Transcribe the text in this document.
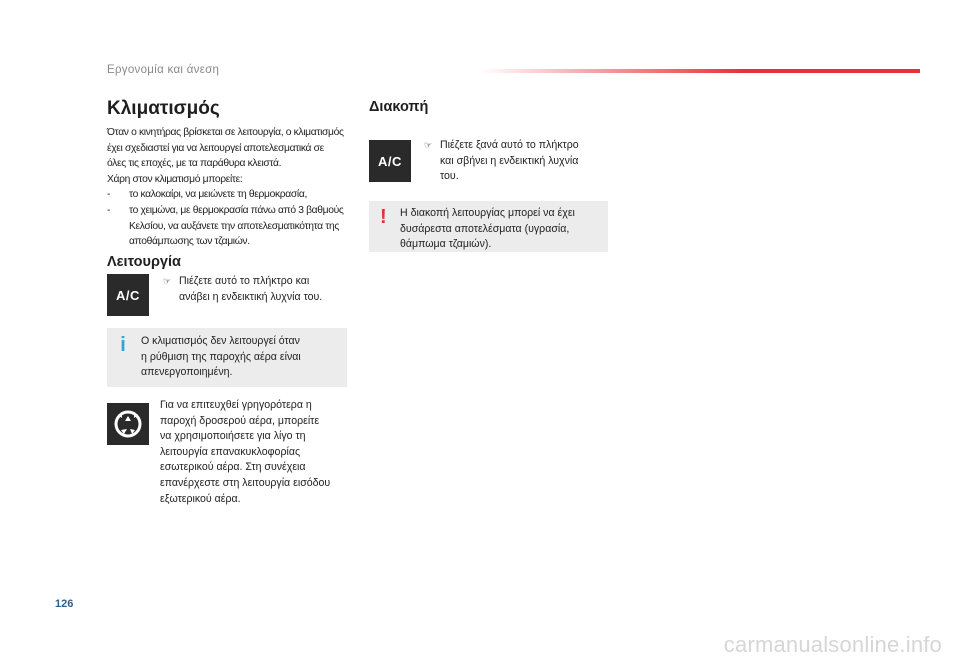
Εργονομία και άνεση
Κλιματισμός

Όταν ο κινητήρας βρίσκεται σε λειτουργία, ο κλιματισμός

έχει σχεδιαστεί για να λειτουργεί αποτελεσματικά σε

όλες τις εποχές, με τα παράθυρα κλειστά.

Χάρη στον κλιματισμό μπορείτε:

-	το καλοκαίρι, να μειώνετε τη θερμοκρασία,

-	το χειμώνα, με θερμοκρασία πάνω από 3 βαθμούς

Κελσίου, να αυξάνετε την αποτελεσματικότητα της

αποθάμπωσης των τζαμιών.

Λειτουργία
A/C
☞ Πιέζετε αυτό το πλήκτρο και
ανάβει η ενδεικτική λυχνία του.
i	Ο κλιματισμός δεν λειτουργεί όταν
η ρύθμιση της παροχής αέρα είναι
απενεργοποιημένη.
Για να επιτευχθεί γρηγορότερα η
παροχή δροσερού αέρα, μπορείτε
να χρησιμοποιήσετε για λίγο τη
λειτουργία επανακυκλοφορίας
εσωτερικού αέρα. Στη συνέχεια
επανέρχεστε στη λειτουργία εισόδου
εξωτερικού αέρα.
Διακοπή
A/C
☞ Πιέζετε ξανά αυτό το πλήκτρο
και σβήνει η ενδεικτική λυχνία
του.
! Η διακοπή λειτουργίας μπορεί να έχει
δυσάρεστα αποτελέσματα (υγρασία,
θάμπωμα τζαμιών).
126
carmanualsonline.info
